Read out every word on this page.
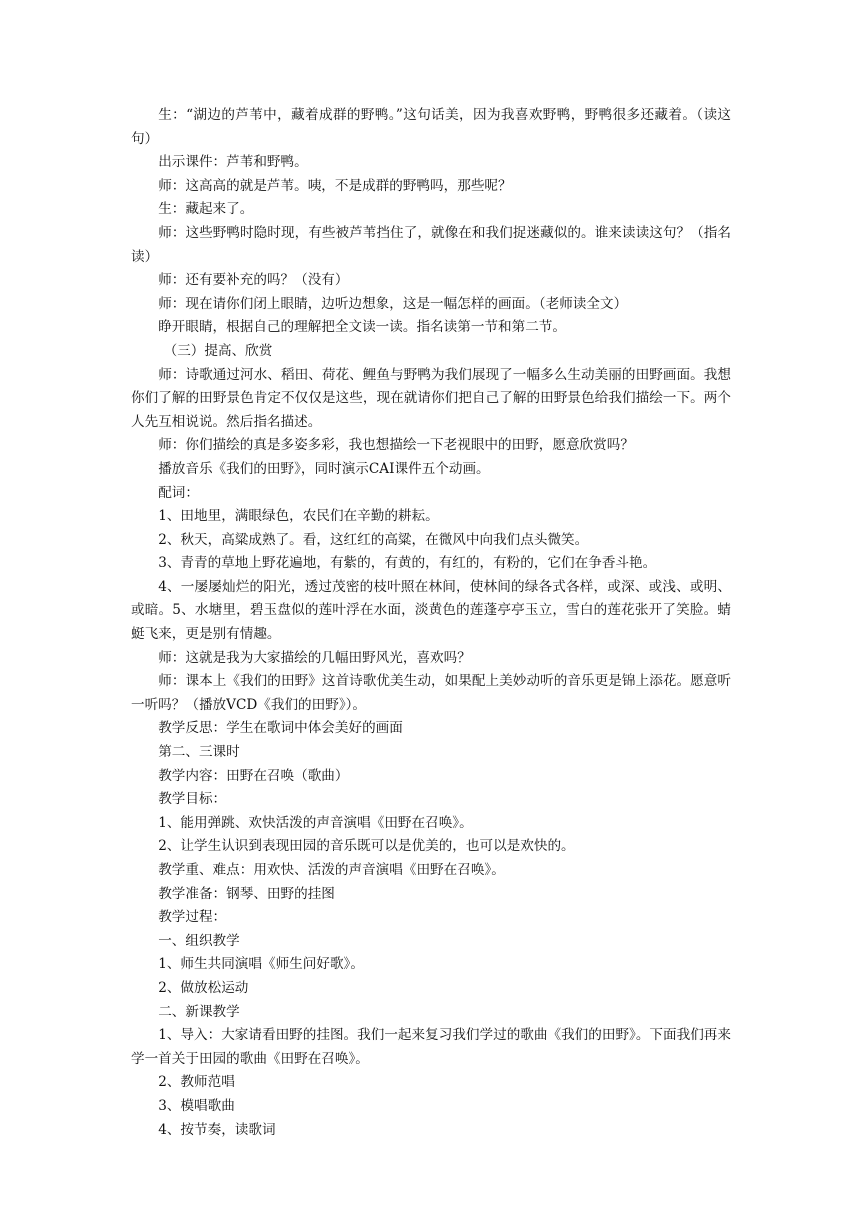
生：“湖边的芦苇中，藏着成群的野鸭。”这句话美，因为我喜欢野鸭，野鸭很多还藏着。（读这句）

出示课件：芦苇和野鸭。

师：这高高的就是芦苇。咦，不是成群的野鸭吗，那些呢？

生：藏起来了。

师：这些野鸭时隐时现，有些被芦苇挡住了，就像在和我们捉迷藏似的。谁来读读这句？（指名读）

师：还有要补充的吗？（没有）

师：现在请你们闭上眼睛，边听边想象，这是一幅怎样的画面。（老师读全文）

睁开眼睛，根据自己的理解把全文读一读。指名读第一节和第二节。

（三）提高、欣赏

师：诗歌通过河水、稻田、荷花、鲤鱼与野鸭为我们展现了一幅多么生动美丽的田野画面。我想你们了解的田野景色肯定不仅仅是这些，现在就请你们把自己了解的田野景色给我们描绘一下。两个人先互相说说。然后指名描述。

师：你们描绘的真是多姿多彩，我也想描绘一下老视眼中的田野，愿意欣赏吗？

播放音乐《我们的田野》，同时演示CAI课件五个动画。

配词：

1、田地里，满眼绿色，农民们在辛勤的耕耘。

2、秋天，高粱成熟了。看，这红红的高粱，在微风中向我们点头微笑。

3、青青的草地上野花遍地，有紫的，有黄的，有红的，有粉的，它们在争香斗艳。

4、一屡屡灿烂的阳光，透过茂密的枝叶照在林间，使林间的绿各式各样，或深、或浅、或明、或暗。5、水塘里，碧玉盘似的莲叶浮在水面，淡黄色的莲蓬亭亭玉立，雪白的莲花张开了笑脸。蜻蜓飞来，更是别有情趣。

师：这就是我为大家描绘的几幅田野风光，喜欢吗？

师：课本上《我们的田野》这首诗歌优美生动，如果配上美妙动听的音乐更是锦上添花。愿意听一听吗？（播放VCD《我们的田野》）。

教学反思：学生在歌词中体会美好的画面

第二、三课时

教学内容：田野在召唤（歌曲）

教学目标：

1、能用弹跳、欢快活泼的声音演唱《田野在召唤》。

2、让学生认识到表现田园的音乐既可以是优美的，也可以是欢快的。

教学重、难点：用欢快、活泼的声音演唱《田野在召唤》。

教学准备：钢琴、田野的挂图

教学过程：

一、组织教学

1、师生共同演唱《师生问好歌》。

2、做放松运动

二、新课教学

1、导入：大家请看田野的挂图。我们一起来复习我们学过的歌曲《我们的田野》。下面我们再来学一首关于田园的歌曲《田野在召唤》。

2、教师范唱

3、模唱歌曲

4、按节奏，读歌词
